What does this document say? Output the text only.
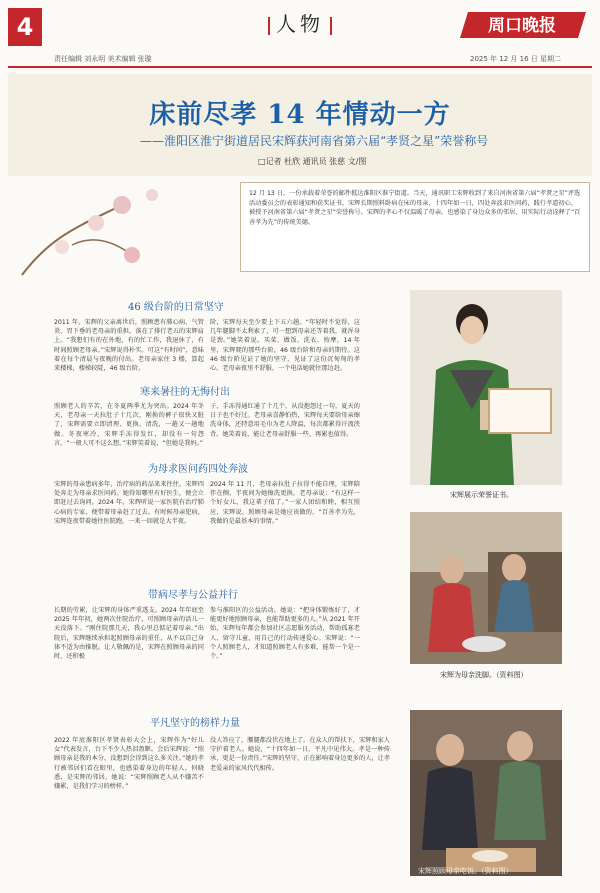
4	人物
责任编辑 刘永明 美术编辑 张璇
周口晚报
2025 年 12 月 16 日 星期二
床前尽孝 14 年情动一方
——淮阳区淮宁街道居民宋辉获河南省第六届“孝贤之星”荣誉称号
□记者 杜欣 通讯员 张慈 文/图
12 月 13 日，一份承载着荣誉的邮件抵达淮阳区淮宁街道。当天，通讯职工宋辉收到了来自河南省第六届“孝贤之星”评选活动委员会的表彰通知和获奖证书。宋辉长期照料卧病在床的母亲，十四年如一日，四处奔波求医问药，践行孝道初心，被授予河南省第六届“孝贤之星”荣誉称号。宋辉的孝心不仅温暖了母亲，也感染了身边众多的邻居，用实际行动诠释了“百善孝为先”的传统美德。
46 级台阶的日常坚守
2011 年，宋辉的父亲离世后，照顾患有肺心病、气管炎、胃下垂的老母亲的重担，落在了排行老五的宋辉肩上。“我想们有的在外地，有的忙工作，我退休了，有时间照顾老母亲。”宋辉说得朴实。可这“有时间”，意味着在每个清晨与夜晚的付出。老母亲家住 3 楼，算起来楼梯，楼梯较陡，46 级台阶。
阶，宋辉每天至少要上下五六趟。“年轻时不觉得，这几年腿脚不太利索了，可一想到母亲还等着我，就浑身是劲。”她笑着说。买菜、做饭、洗衣、按摩，14 年里，宋辉爬的那些台阶，46 级台阶和母亲的期待。这 46 级台阶见证了她的坚守，见证了这份沉甸甸的孝心。老母亲夜里不舒服，一个电话她就往那边赶。
寒来暑往的无悔付出
照顾老人的辛苦，在冬夏两季尤为突出。2024 年冬天，老母亲一天拉肚子十几次，刚换的裤子很快又脏了，宋辉需要立即清理、更换、清洗，一趟又一趟地做。冬夜寒冷，宋辉手冻得发红，却没有一句怨言。“一般人可不这么想。”宋辉笑着说，“但她是我妈。”
子，手冻得通红通了十几个，从没抱怨过一句。夏天的日子也不好过。老母亲喜静怕热，宋辉每天要给母亲擦洗身体，还特意用毛巾为老人降温，每次都累得汗流浃背。她笑着说，能让老母亲舒服一些，再累也值得。
为母求医问药四处奔波
宋辉的母亲患病多年，治疗病的药品来来往往，宋辉四处奔走为母亲求医问药。她得知哪里有好医生，便会立即赶过去询问。2024 年，宋辉听说一家医院有治疗肺心病的专家，便带着母亲赶了过去。有时候母亲犯病，宋辉连夜带着她往医院跑，一来一回就是大半夜。
2024 年 11 月，老母亲拉肚子拉得不能自理，宋辉陪伴在侧，半夜间为她擦洗更换。老母亲说：“有这样一个好女儿，我这辈子值了。”一家人团结和睦，相互照应，宋辉说，照顾母亲是她应该做的，“百善孝为先，我做的是最基本的事情。”
带病尽孝与公益并行
长期的劳累，让宋辉的身体严重透支。2024 年年底至 2025 年年初，她两次住院治疗，可照顾母亲的活儿一天没落下。“刚住院那几天，我心里总惦记着母亲。”出院后，宋辉继续承担起照顾母亲的重任，从不以自己身体不适为由推脱。让人敬佩的是，宋辉在照顾母亲的同时，还积极
参与淮阳区的公益活动。她说：“把身体锻炼好了，才能更好地照顾母亲，也能帮助更多的人。”从 2021 年开始，宋辉每年都会参加社区志愿服务活动，帮助孤寡老人、留守儿童，用自己的行动传递爱心。宋辉说：“一个人照顾老人，才知道照顾老人有多难，能帮一个是一个。”
平凡坚守的榜样力量
2022 年底淮阳区孝贤表彰大会上，宋辉作为“好儿女”代表发言，台下不少人热泪盈眶。会后宋辉说：“照顾母亲是我的本分，没想到会得到这么多关注。”她的孝行被邻居们看在眼里，也感染着身边的年轻人。何晓悉，是宋辉的邻居，她说：“宋辉照顾老人从不嫌苦不嫌累，是我们学习的榜样。”
没人答应了，腰腿都没伏在地上了。在众人的帮扶下，宋辉和家人守护着老人。她说，“十四年如一日，平凡中见伟大。孝是一种传承，更是一份责任。”宋辉的坚守，正在影响着身边更多的人，让孝老爱亲的家风代代相传。
宋辉展示荣誉证书。
宋辉为母亲洗脚。（资料图）
宋辉照顾母亲吃饭。（资料图）
